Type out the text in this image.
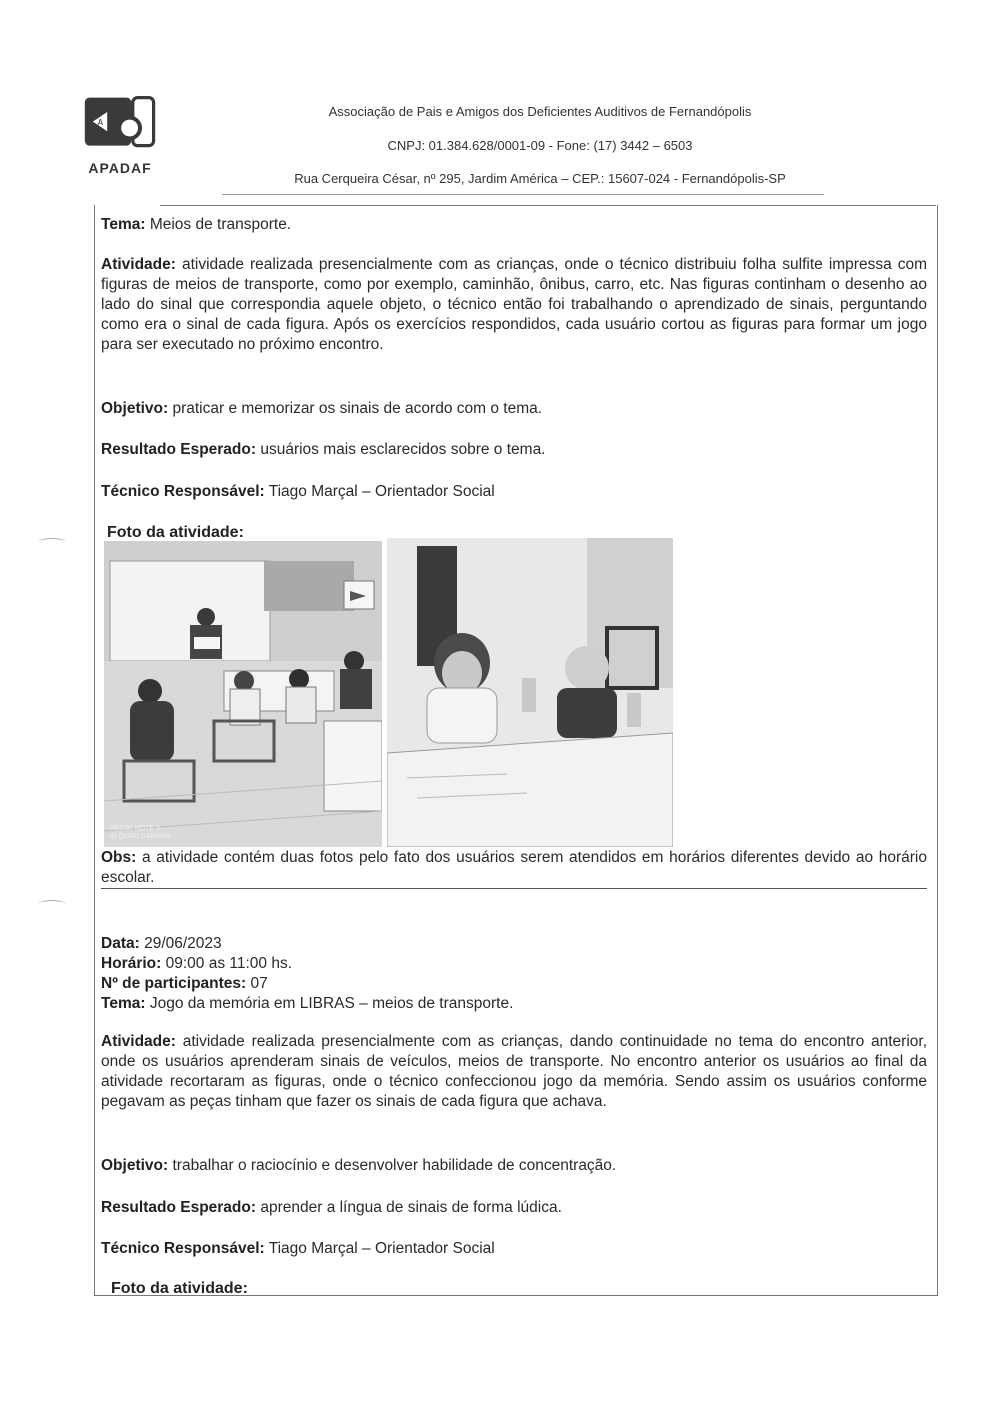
A
APADAF
Associação de Pais e Amigos dos Deficientes Auditivos de Fernandópolis
CNPJ: 01.384.628/0001-09 - Fone: (17) 3442 – 6503
Rua Cerqueira César, nº 295, Jardim América – CEP.: 15607-024 - Fernandópolis-SP
Tema: Meios de transporte.
Atividade: atividade realizada presencialmente com as crianças, onde o técnico distribuiu folha sulfite impressa com figuras de meios de transporte, como por exemplo, caminhão, ônibus, carro, etc. Nas figuras continham o desenho ao lado do sinal que correspondia aquele objeto, o técnico então foi trabalhando o aprendizado de sinais, perguntando como era o sinal de cada figura. Após os exercícios respondidos, cada usuário cortou as figuras para formar um jogo para ser executado no próximo encontro.
Objetivo: praticar e memorizar os sinais de acordo com o tema.
Resultado Esperado: usuários mais esclarecidos sobre o tema.
Técnico Responsável: Tiago Marçal – Orientador Social
Foto da atividade:
REDMI NOTE 9
AI QUAD CAMERA
Obs: a atividade contém duas fotos pelo fato dos usuários serem atendidos em horários diferentes devido ao horário escolar.
Data: 29/06/2023
Horário: 09:00 as 11:00 hs.
Nº de participantes: 07
Tema: Jogo da memória em LIBRAS – meios de transporte.
Atividade: atividade realizada presencialmente com as crianças, dando continuidade no tema do encontro anterior, onde os usuários aprenderam sinais de veículos, meios de transporte. No encontro anterior os usuários ao final da atividade recortaram as figuras, onde o técnico confeccionou jogo da memória. Sendo assim os usuários conforme pegavam as peças tinham que fazer os sinais de cada figura que achava.
Objetivo: trabalhar o raciocínio e desenvolver habilidade de concentração.
Resultado Esperado: aprender a língua de sinais de forma lúdica.
Técnico Responsável: Tiago Marçal – Orientador Social
Foto da atividade:
